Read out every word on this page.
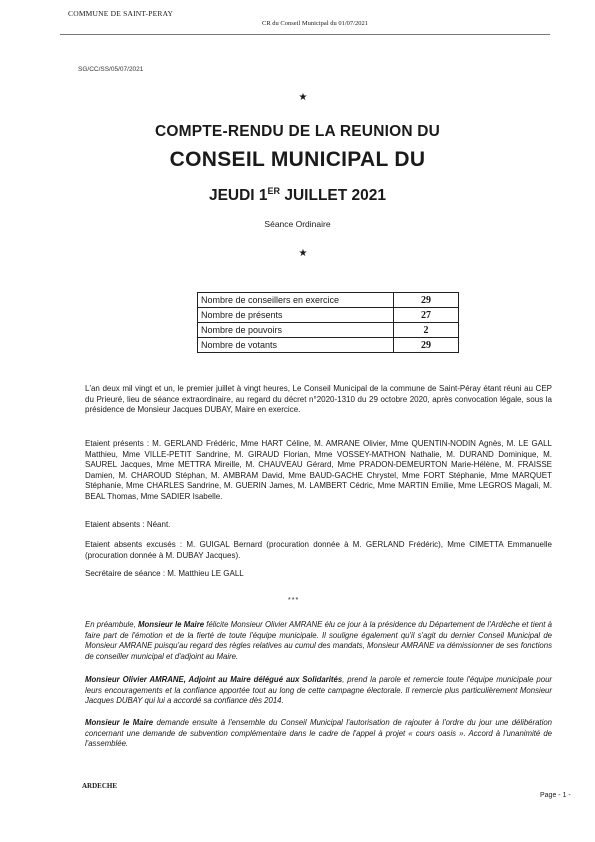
COMMUNE DE SAINT-PERAY
CR du Conseil Municipal du 01/07/2021
SG/CC/SS/05/07/2021
★
COMPTE-RENDU DE LA REUNION DU
CONSEIL MUNICIPAL DU
JEUDI 1ER JUILLET 2021
Séance Ordinaire
★
Nombre de conseillers en exercice	29
Nombre de présents	27
Nombre de pouvoirs	2
Nombre de votants	29
L'an deux mil vingt et un, le premier juillet à vingt heures, Le Conseil Municipal de la commune de Saint-Péray étant réuni au CEP du Prieuré, lieu de séance extraordinaire, au regard du décret n°2020-1310 du 29 octobre 2020, après convocation légale, sous la présidence de Monsieur Jacques DUBAY, Maire en exercice.
Etaient présents : M. GERLAND Frédéric, Mme HART Céline, M. AMRANE Olivier, Mme QUENTIN-NODIN Agnès, M. LE GALL Matthieu, Mme VILLE-PETIT Sandrine, M. GIRAUD Florian, Mme VOSSEY-MATHON Nathalie, M. DURAND Dominique, M. SAUREL Jacques, Mme METTRA Mireille, M. CHAUVEAU Gérard, Mme PRADON-DEMEURTON Marie-Hélène, M. FRAISSE Damien, M. CHAROUD Stéphan, M. AMBRAM David, Mme BAUD-GACHE Chrystel, Mme FORT Stéphanie, Mme MARQUET Stéphanie, Mme CHARLES Sandrine, M. GUERIN James, M. LAMBERT Cédric, Mme MARTIN Emilie, Mme LEGROS Magali, M. BEAL Thomas, Mme SADIER Isabelle.
Etaient absents : Néant.
Etaient absents excusés : M. GUIGAL Bernard (procuration donnée à M. GERLAND Frédéric), Mme CIMETTA Emmanuelle (procuration donnée à M. DUBAY Jacques).
Secrétaire de séance : M. Matthieu LE GALL
***
En préambule, Monsieur le Maire félicite Monsieur Olivier AMRANE élu ce jour à la présidence du Département de l'Ardèche et tient à faire part de l'émotion et de la fierté de toute l'équipe municipale. Il souligne également qu'il s'agit du dernier Conseil Municipal de Monsieur AMRANE puisqu'au regard des règles relatives au cumul des mandats, Monsieur AMRANE va démissionner de ses fonctions de conseiller municipal et d'adjoint au Maire.
Monsieur Olivier AMRANE, Adjoint au Maire délégué aux Solidarités, prend la parole et remercie toute l'équipe municipale pour leurs encouragements et la confiance apportée tout au long de cette campagne électorale. Il remercie plus particulièrement Monsieur Jacques DUBAY qui lui a accordé sa confiance dès 2014.
Monsieur le Maire demande ensuite à l'ensemble du Conseil Municipal l'autorisation de rajouter à l'ordre du jour une délibération concernant une demande de subvention complémentaire dans le cadre de l'appel à projet « cours oasis ». Accord à l'unanimité de l'assemblée.
ARDECHE
Page - 1 -
